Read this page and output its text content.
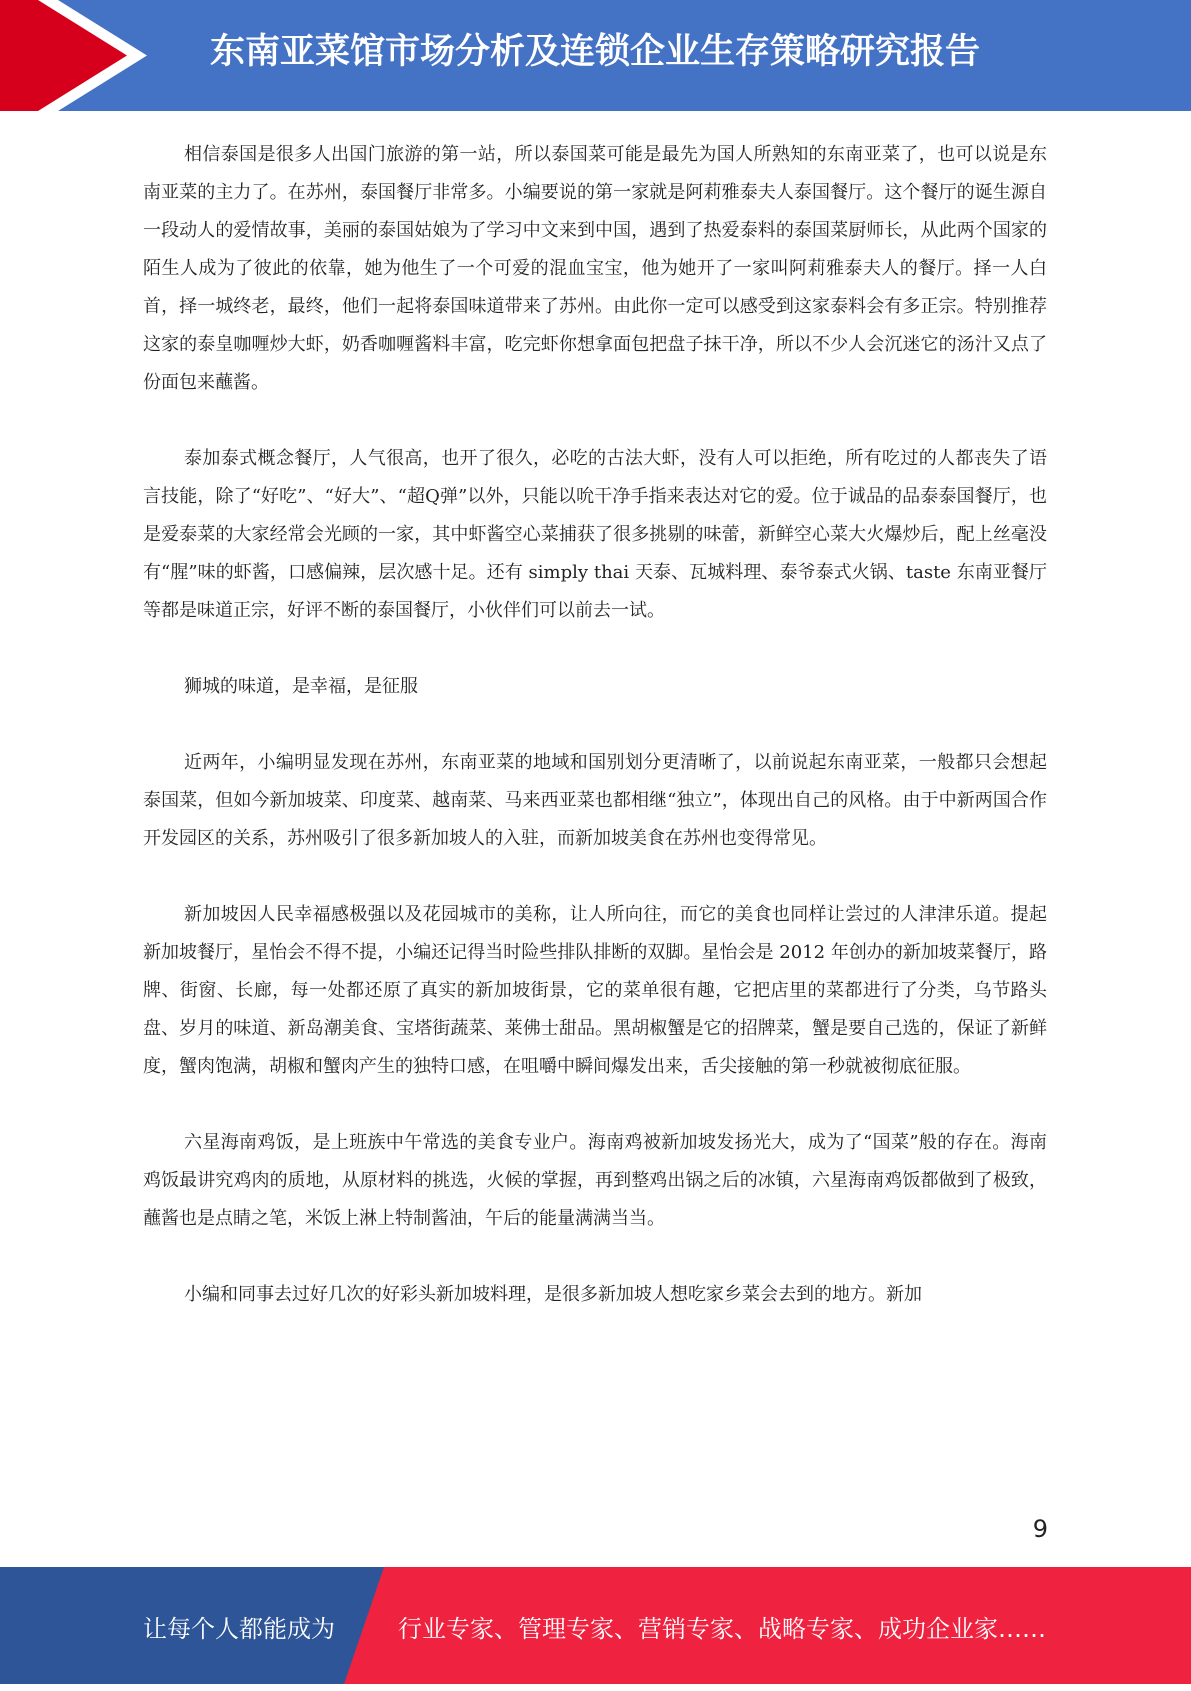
东南亚菜馆市场分析及连锁企业生存策略研究报告

相信泰国是很多人出国门旅游的第一站，所以泰国菜可能是最先为国人所熟知的东南亚菜了，也可以说是东南亚菜的主力了。在苏州，泰国餐厅非常多。小编要说的第一家就是阿莉雅泰夫人泰国餐厅。这个餐厅的诞生源自一段动人的爱情故事，美丽的泰国姑娘为了学习中文来到中国，遇到了热爱泰料的泰国菜厨师长，从此两个国家的陌生人成为了彼此的依靠，她为他生了一个可爱的混血宝宝，他为她开了一家叫阿莉雅泰夫人的餐厅。择一人白首，择一城终老，最终，他们一起将泰国味道带来了苏州。由此你一定可以感受到这家泰料会有多正宗。特别推荐这家的泰皇咖喱炒大虾，奶香咖喱酱料丰富，吃完虾你想拿面包把盘子抹干净，所以不少人会沉迷它的汤汁又点了份面包来蘸酱。

泰加泰式概念餐厅，人气很高，也开了很久，必吃的古法大虾，没有人可以拒绝，所有吃过的人都丧失了语言技能，除了“好吃”、“好大”、“超Q弹”以外，只能以吮干净手指来表达对它的爱。位于诚品的品泰泰国餐厅，也是爱泰菜的大家经常会光顾的一家，其中虾酱空心菜捕获了很多挑剔的味蕾，新鲜空心菜大火爆炒后，配上丝毫没有“腥”味的虾酱，口感偏辣，层次感十足。还有 simply thai 天泰、瓦城料理、泰爷泰式火锅、taste 东南亚餐厅等都是味道正宗，好评不断的泰国餐厅，小伙伴们可以前去一试。

狮城的味道，是幸福，是征服

近两年，小编明显发现在苏州，东南亚菜的地域和国别划分更清晰了，以前说起东南亚菜，一般都只会想起泰国菜，但如今新加坡菜、印度菜、越南菜、马来西亚菜也都相继“独立”，体现出自己的风格。由于中新两国合作开发园区的关系，苏州吸引了很多新加坡人的入驻，而新加坡美食在苏州也变得常见。

新加坡因人民幸福感极强以及花园城市的美称，让人所向往，而它的美食也同样让尝过的人津津乐道。提起新加坡餐厅，星怡会不得不提，小编还记得当时险些排队排断的双脚。星怡会是 2012 年创办的新加坡菜餐厅，路牌、街窗、长廊，每一处都还原了真实的新加坡街景，它的菜单很有趣，它把店里的菜都进行了分类，乌节路头盘、岁月的味道、新岛潮美食、宝塔街蔬菜、莱佛士甜品。黑胡椒蟹是它的招牌菜，蟹是要自己选的，保证了新鲜度，蟹肉饱满，胡椒和蟹肉产生的独特口感，在咀嚼中瞬间爆发出来，舌尖接触的第一秒就被彻底征服。

六星海南鸡饭，是上班族中午常选的美食专业户。海南鸡被新加坡发扬光大，成为了“国菜”般的存在。海南鸡饭最讲究鸡肉的质地，从原材料的挑选，火候的掌握，再到整鸡出锅之后的冰镇，六星海南鸡饭都做到了极致，蘸酱也是点睛之笔，米饭上淋上特制酱油，午后的能量满满当当。

小编和同事去过好几次的好彩头新加坡料理，是很多新加坡人想吃家乡菜会去到的地方。新加

9
让每个人都能成为	行业专家、管理专家、营销专家、战略专家、成功企业家……
